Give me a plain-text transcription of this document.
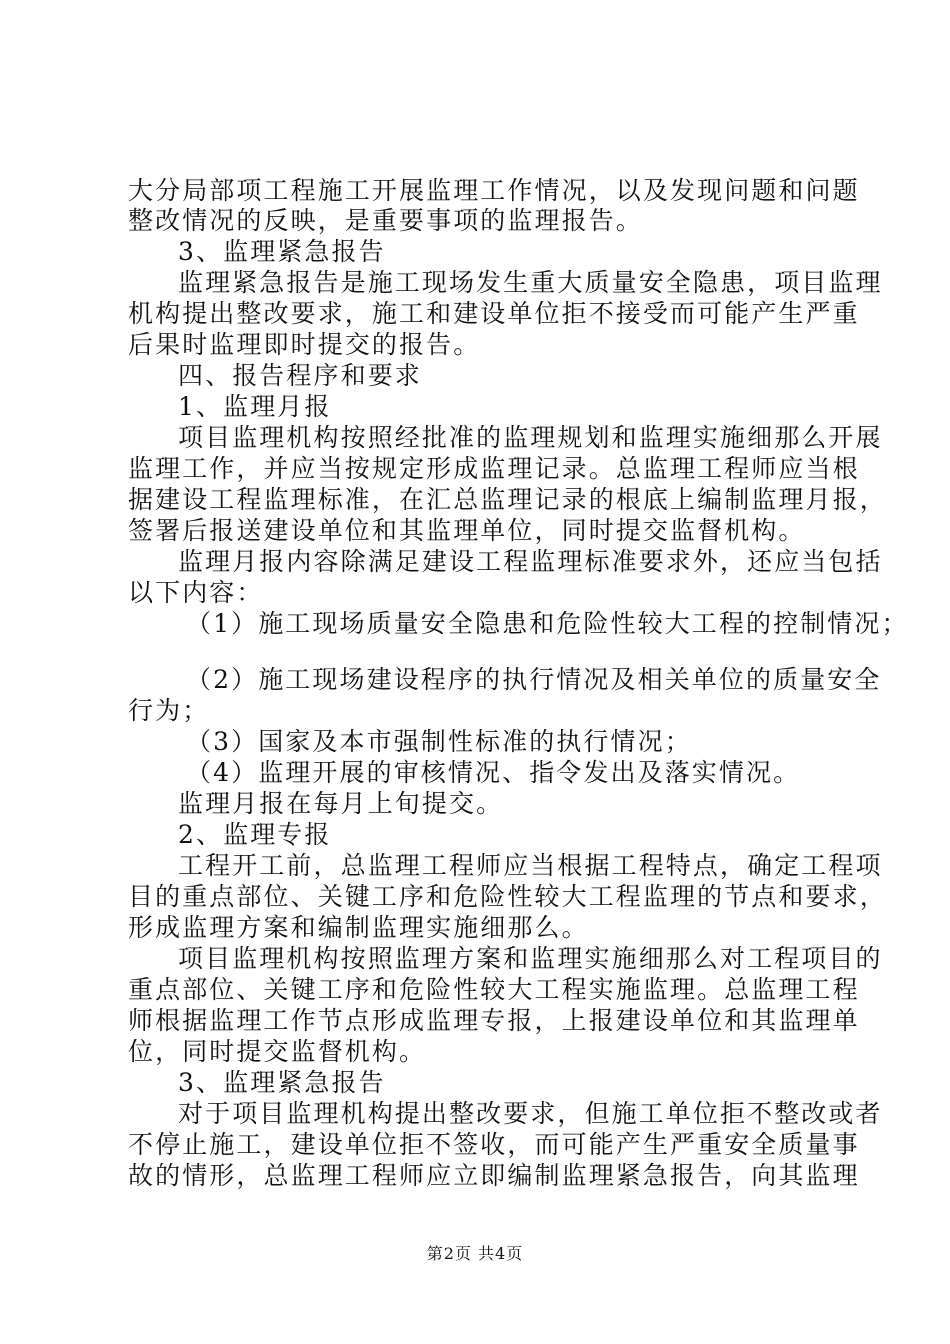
大分局部项工程施工开展监理工作情况，以及发现问题和问题
整改情况的反映，是重要事项的监理报告。
3、监理紧急报告
监理紧急报告是施工现场发生重大质量安全隐患，项目监理
机构提出整改要求，施工和建设单位拒不接受而可能产生严重
后果时监理即时提交的报告。
四、报告程序和要求
1、监理月报
项目监理机构按照经批准的监理规划和监理实施细那么开展
监理工作，并应当按规定形成监理记录。总监理工程师应当根
据建设工程监理标准，在汇总监理记录的根底上编制监理月报，
签署后报送建设单位和其监理单位，同时提交监督机构。
监理月报内容除满足建设工程监理标准要求外，还应当包括
以下内容：
（1）施工现场质量安全隐患和危险性较大工程的控制情况；
（2）施工现场建设程序的执行情况及相关单位的质量安全
行为；
（3）国家及本市强制性标准的执行情况；
（4）监理开展的审核情况、指令发出及落实情况。
监理月报在每月上旬提交。
2、监理专报
工程开工前，总监理工程师应当根据工程特点，确定工程项
目的重点部位、关键工序和危险性较大工程监理的节点和要求，
形成监理方案和编制监理实施细那么。
项目监理机构按照监理方案和监理实施细那么对工程项目的
重点部位、关键工序和危险性较大工程实施监理。总监理工程
师根据监理工作节点形成监理专报，上报建设单位和其监理单
位，同时提交监督机构。
3、监理紧急报告
对于项目监理机构提出整改要求，但施工单位拒不整改或者
不停止施工，建设单位拒不签收，而可能产生严重安全质量事
故的情形，总监理工程师应立即编制监理紧急报告，向其监理
第2页 共4页
